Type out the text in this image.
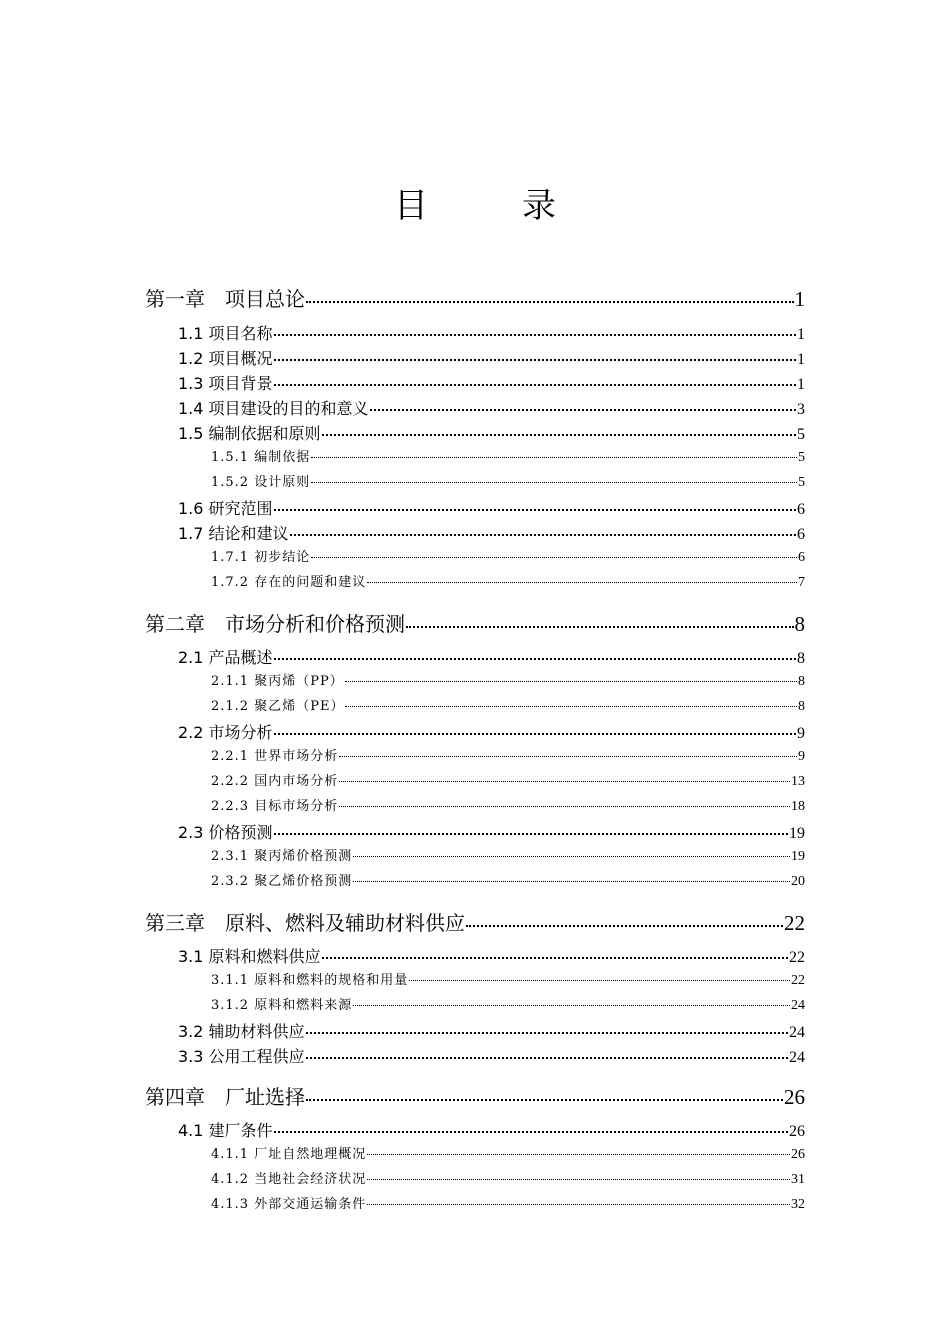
目　录
第一章　项目总论	1
1.1 项目名称	1
1.2 项目概况	1
1.3 项目背景	1
1.4 项目建设的目的和意义	3
1.5 编制依据和原则	5
1.5.1 编制依据	5
1.5.2 设计原则	5
1.6 研究范围	6
1.7 结论和建议	6
1.7.1 初步结论	6
1.7.2 存在的问题和建议	7
第二章　市场分析和价格预测	8
2.1 产品概述	8
2.1.1 聚丙烯（PP）	8
2.1.2 聚乙烯（PE）	8
2.2 市场分析	9
2.2.1 世界市场分析	9
2.2.2 国内市场分析	13
2.2.3 目标市场分析	18
2.3 价格预测	19
2.3.1 聚丙烯价格预测	19
2.3.2 聚乙烯价格预测	20
第三章　原料、燃料及辅助材料供应	22
3.1 原料和燃料供应	22
3.1.1 原料和燃料的规格和用量	22
3.1.2 原料和燃料来源	24
3.2 辅助材料供应	24
3.3 公用工程供应	24
第四章　厂址选择	26
4.1 建厂条件	26
4.1.1 厂址自然地理概况	26
4.1.2 当地社会经济状况	31
4.1.3 外部交通运输条件	32
